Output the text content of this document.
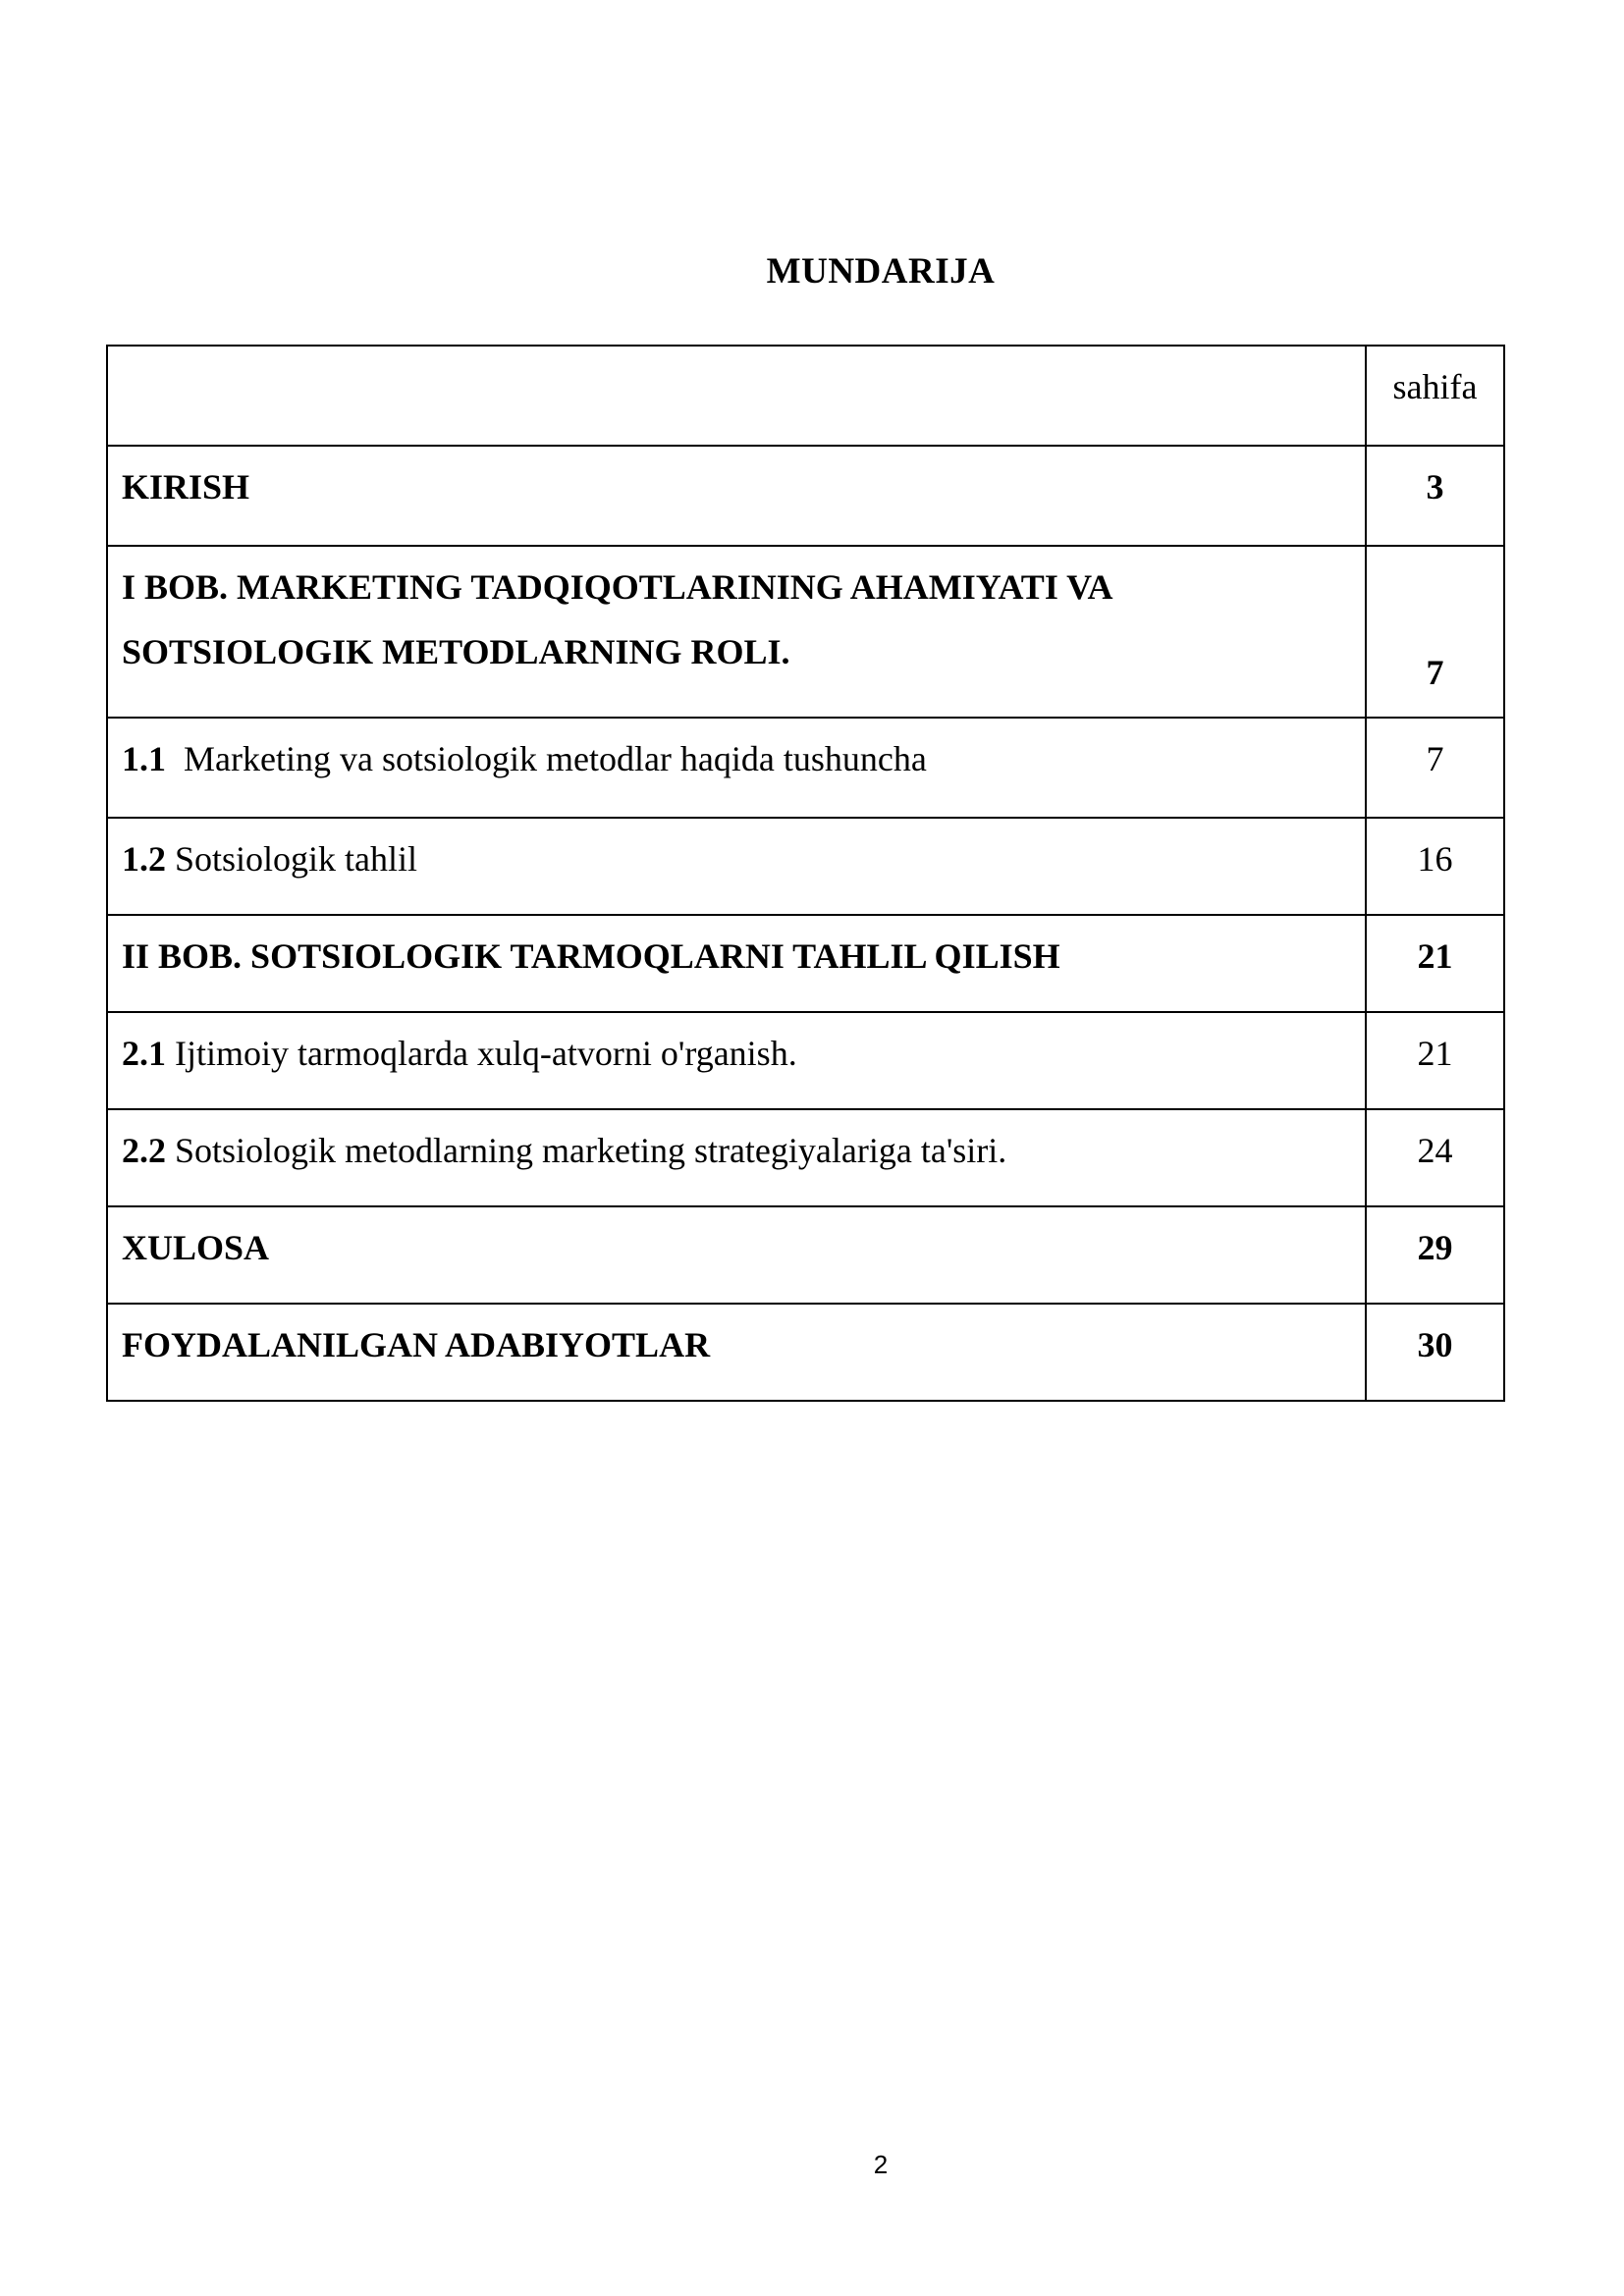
MUNDARIJA
	sahifa
KIRISH	3

I BOB. MARKETING TADQIQOTLARINING AHAMIYATI VA
SOTSIOLOGIK METODLARNING ROLI.	7
1.1 Marketing va sotsiologik metodlar haqida tushuncha	7
1.2 Sotsiologik tahlil	16
II BOB. SOTSIOLOGIK TARMOQLARNI TAHLIL QILISH	21
2.1 Ijtimoiy tarmoqlarda xulq-atvorni o'rganish.	21
2.2 Sotsiologik metodlarning marketing strategiyalariga ta'siri.	24
XULOSA	29
FOYDALANILGAN ADABIYOTLAR	30
2
